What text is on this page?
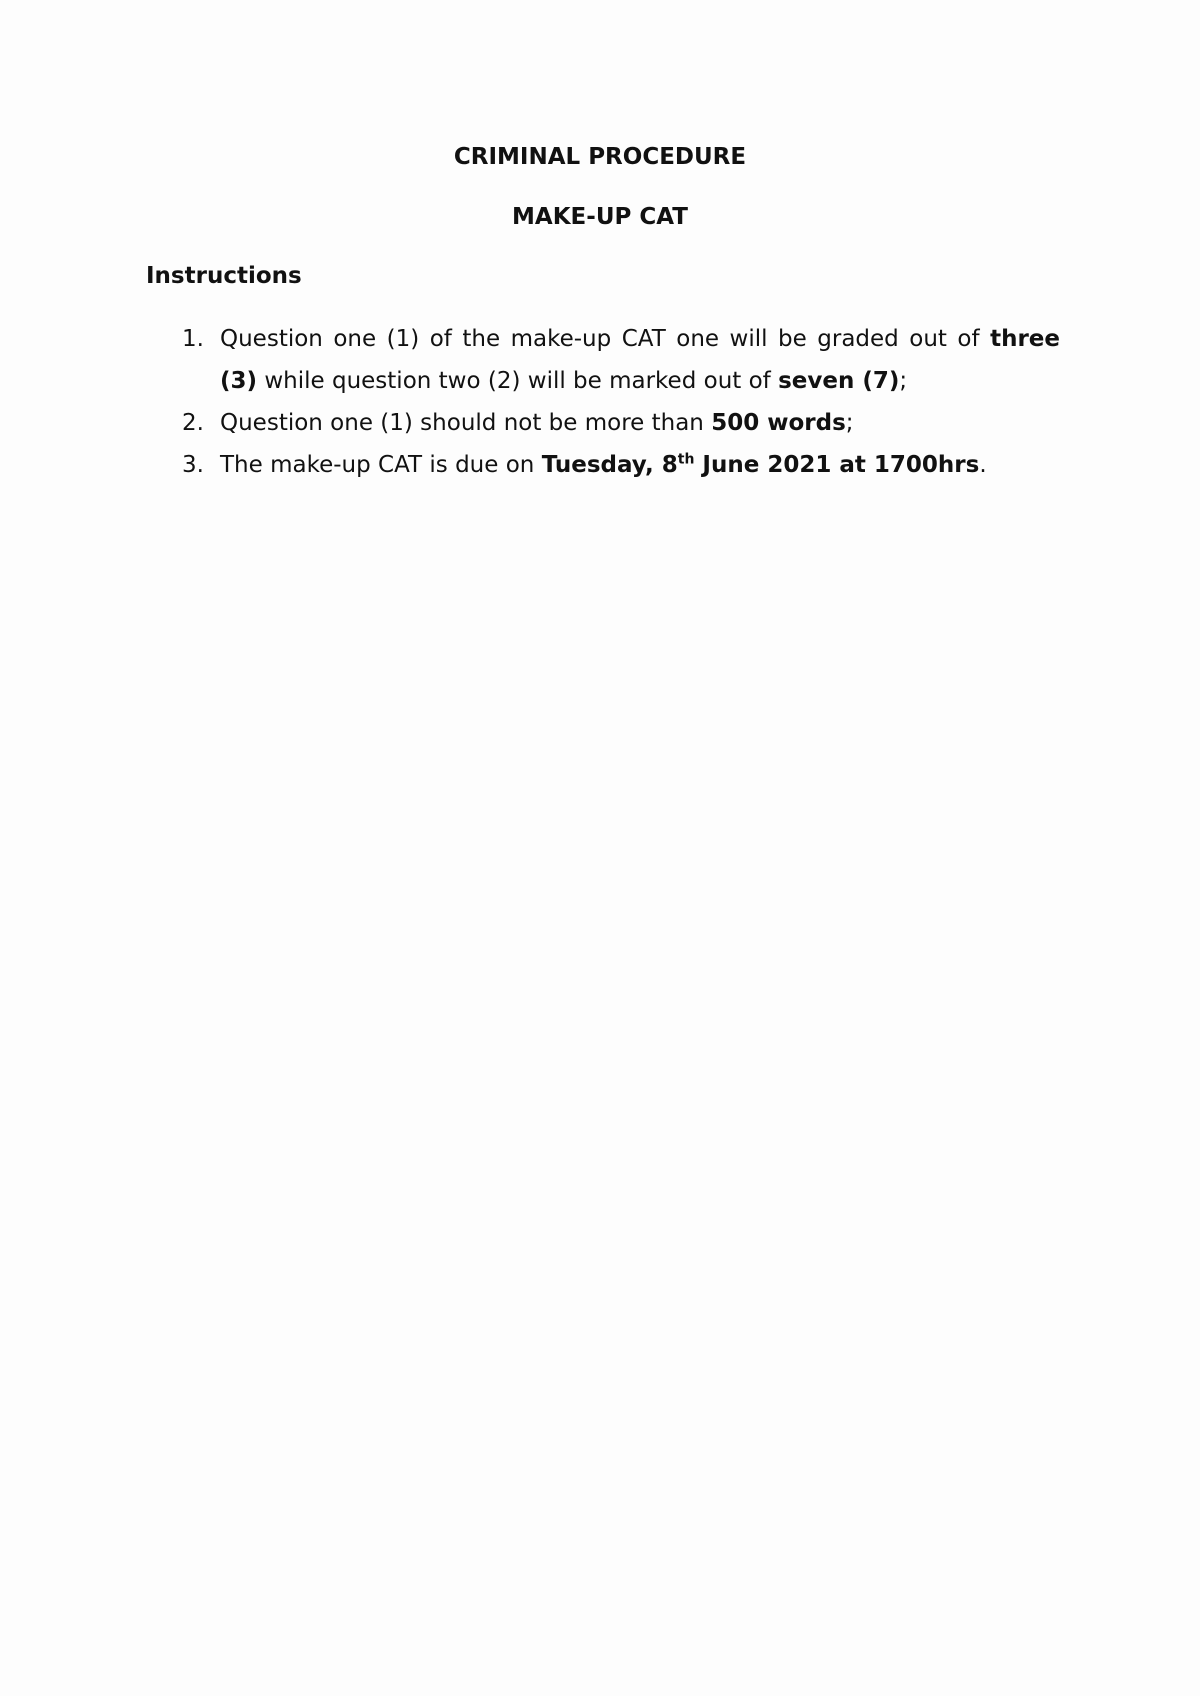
CRIMINAL PROCEDURE
MAKE-UP CAT
Instructions
1. Question one (1) of the make-up CAT one will be graded out of three (3) while question two (2) will be marked out of seven (7);
2. Question one (1) should not be more than 500 words;
3. The make-up CAT is due on Tuesday, 8th June 2021 at 1700hrs.
